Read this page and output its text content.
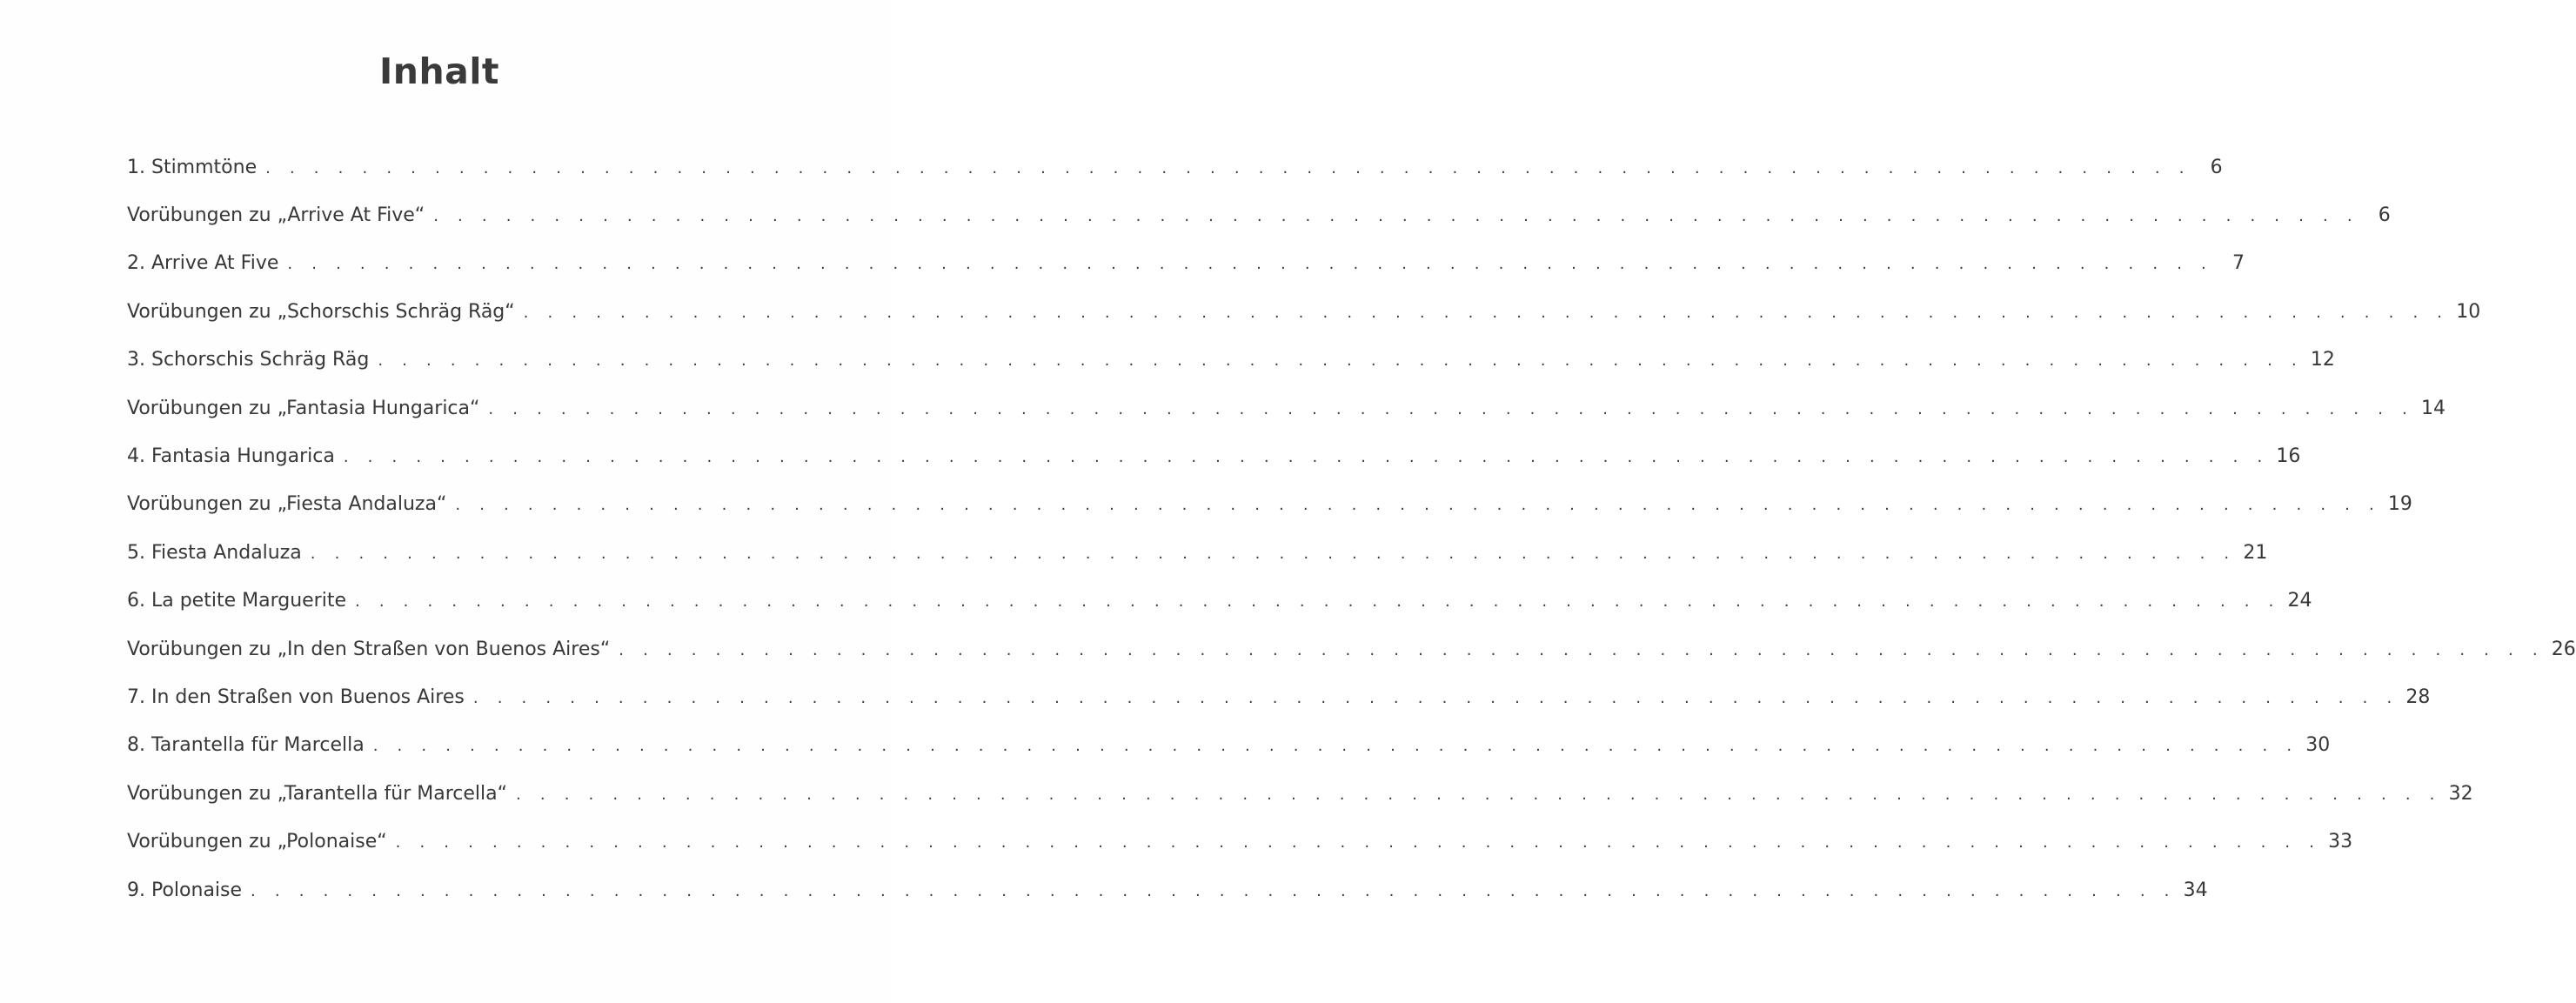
Inhalt
1. Stimmtöne . . . . . . . . . . . . . . . . . . . . . . . . . . . . . . . . . . . . . . . . . . . . . . . . . . . . . . . . . . . . . . . . . . . . . . . . . . . . . . . .	6
Vorübungen zu „Arrive At Five“ . . . . . . . . . . . . . . . . . . . . . . . . . . . . . . . . . . . . . . . . . . . . . . . . . . . . . . . . . . . . . . . . . . . . . . . . . . . . . . . .	6
2. Arrive At Five . . . . . . . . . . . . . . . . . . . . . . . . . . . . . . . . . . . . . . . . . . . . . . . . . . . . . . . . . . . . . . . . . . . . . . . . . . . . . . . .	7
Vorübungen zu „Schorschis Schräg Räg“ . . . . . . . . . . . . . . . . . . . . . . . . . . . . . . . . . . . . . . . . . . . . . . . . . . . . . . . . . . . . . . . . . . . . . . . . . . . . . . . . 10
3. Schorschis Schräg Räg . . . . . . . . . . . . . . . . . . . . . . . . . . . . . . . . . . . . . . . . . . . . . . . . . . . . . . . . . . . . . . . . . . . . . . . . . . . . . . . . 12
Vorübungen zu „Fantasia Hungarica“ . . . . . . . . . . . . . . . . . . . . . . . . . . . . . . . . . . . . . . . . . . . . . . . . . . . . . . . . . . . . . . . . . . . . . . . . . . . . . . . . 14
4. Fantasia Hungarica . . . . . . . . . . . . . . . . . . . . . . . . . . . . . . . . . . . . . . . . . . . . . . . . . . . . . . . . . . . . . . . . . . . . . . . . . . . . . . . . 16
Vorübungen zu „Fiesta Andaluza“ . . . . . . . . . . . . . . . . . . . . . . . . . . . . . . . . . . . . . . . . . . . . . . . . . . . . . . . . . . . . . . . . . . . . . . . . . . . . . . . . 19
5. Fiesta Andaluza . . . . . . . . . . . . . . . . . . . . . . . . . . . . . . . . . . . . . . . . . . . . . . . . . . . . . . . . . . . . . . . . . . . . . . . . . . . . . . . . 21
6. La petite Marguerite . . . . . . . . . . . . . . . . . . . . . . . . . . . . . . . . . . . . . . . . . . . . . . . . . . . . . . . . . . . . . . . . . . . . . . . . . . . . . . . . 24
Vorübungen zu „In den Straßen von Buenos Aires“ . . . . . . . . . . . . . . . . . . . . . . . . . . . . . . . . . . . . . . . . . . . . . . . . . . . . . . . . . . . . . . . . . . . . . . . . . . . . . . . . 26
7. In den Straßen von Buenos Aires . . . . . . . . . . . . . . . . . . . . . . . . . . . . . . . . . . . . . . . . . . . . . . . . . . . . . . . . . . . . . . . . . . . . . . . . . . . . . . . . 28
8. Tarantella für Marcella . . . . . . . . . . . . . . . . . . . . . . . . . . . . . . . . . . . . . . . . . . . . . . . . . . . . . . . . . . . . . . . . . . . . . . . . . . . . . . . . 30
Vorübungen zu „Tarantella für Marcella“ . . . . . . . . . . . . . . . . . . . . . . . . . . . . . . . . . . . . . . . . . . . . . . . . . . . . . . . . . . . . . . . . . . . . . . . . . . . . . . . . 32
Vorübungen zu „Polonaise“ . . . . . . . . . . . . . . . . . . . . . . . . . . . . . . . . . . . . . . . . . . . . . . . . . . . . . . . . . . . . . . . . . . . . . . . . . . . . . . . . 33
9. Polonaise . . . . . . . . . . . . . . . . . . . . . . . . . . . . . . . . . . . . . . . . . . . . . . . . . . . . . . . . . . . . . . . . . . . . . . . . . . . . . . . . 34
